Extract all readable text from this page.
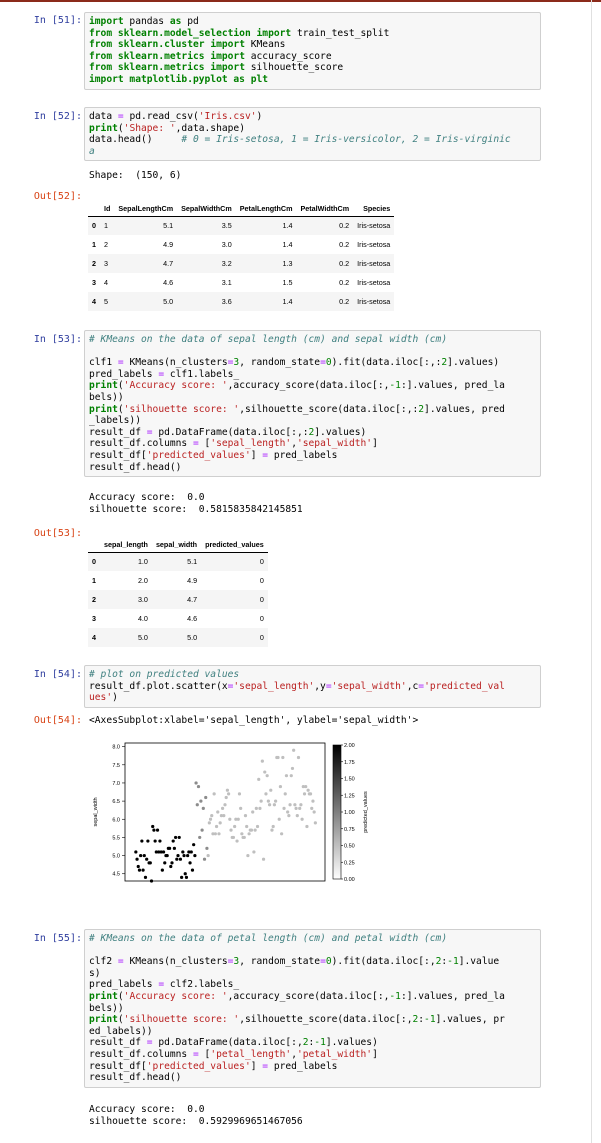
In [51]: import pandas as pd
from sklearn.model_selection import train_test_split
from sklearn.cluster import KMeans
from sklearn.metrics import accuracy_score
from sklearn.metrics import silhouette_score
import matplotlib.pyplot as plt
In [52]: data = pd.read_csv('Iris.csv')
print('Shape: ',data.shape)
data.head()     # 0 = Iris-setosa, 1 = Iris-versicolor, 2 = Iris-virginic
a
Shape:  (150, 6)
Out[52]:
	Id	SepalLengthCm	SepalWidthCm	PetalLengthCm	PetalWidthCm	Species
0	1	5.1	3.5	1.4	0.2	Iris-setosa
1	2	4.9	3.0	1.4	0.2	Iris-setosa
2	3	4.7	3.2	1.3	0.2	Iris-setosa
3	4	4.6	3.1	1.5	0.2	Iris-setosa
4	5	5.0	3.6	1.4	0.2	Iris-setosa
In [53]: # KMeans on the data of sepal length (cm) and sepal width (cm)

clf1 = KMeans(n_clusters=3, random_state=0).fit(data.iloc[:,:2].values)
pred_labels = clf1.labels_
print('Accuracy score: ',accuracy_score(data.iloc[:,-1:].values, pred_la
bels))
print('silhouette score: ',silhouette_score(data.iloc[:,:2].values, pred
_labels))
result_df = pd.DataFrame(data.iloc[:,:2].values)
result_df.columns = ['sepal_length','sepal_width']
result_df['predicted_values'] = pred_labels
result_df.head()
Accuracy score:  0.0
silhouette score:  0.5815835842145851
Out[53]:
	sepal_length	sepal_width	predicted_values
0	1.0	5.1	0
1	2.0	4.9	0
2	3.0	4.7	0
3	4.0	4.6	0
4	5.0	5.0	0
In [54]: # plot on predicted values
result_df.plot.scatter(x='sepal_length',y='sepal_width',c='predicted_val
ues')
Out[54]: <AxesSubplot:xlabel='sepal_length', ylabel='sepal_width'>
8.0
7.5
7.0
6.5
6.0
5.5
5.0
4.5
sepal_width
2.00
1.75
1.50
1.25
1.00
0.75
0.50
0.25
0.00
predicted_values
In [55]: # KMeans on the data of petal length (cm) and petal width (cm)

clf2 = KMeans(n_clusters=3, random_state=0).fit(data.iloc[:,2:-1].value
s)
pred_labels = clf2.labels_
print('Accuracy score: ',accuracy_score(data.iloc[:,-1:].values, pred_la
bels))
print('silhouette score: ',silhouette_score(data.iloc[:,2:-1].values, pr
ed_labels))
result_df = pd.DataFrame(data.iloc[:,2:-1].values)
result_df.columns = ['petal_length','petal_width']
result_df['predicted_values'] = pred_labels
result_df.head()
Accuracy score:  0.0
silhouette score:  0.5929969651467056
